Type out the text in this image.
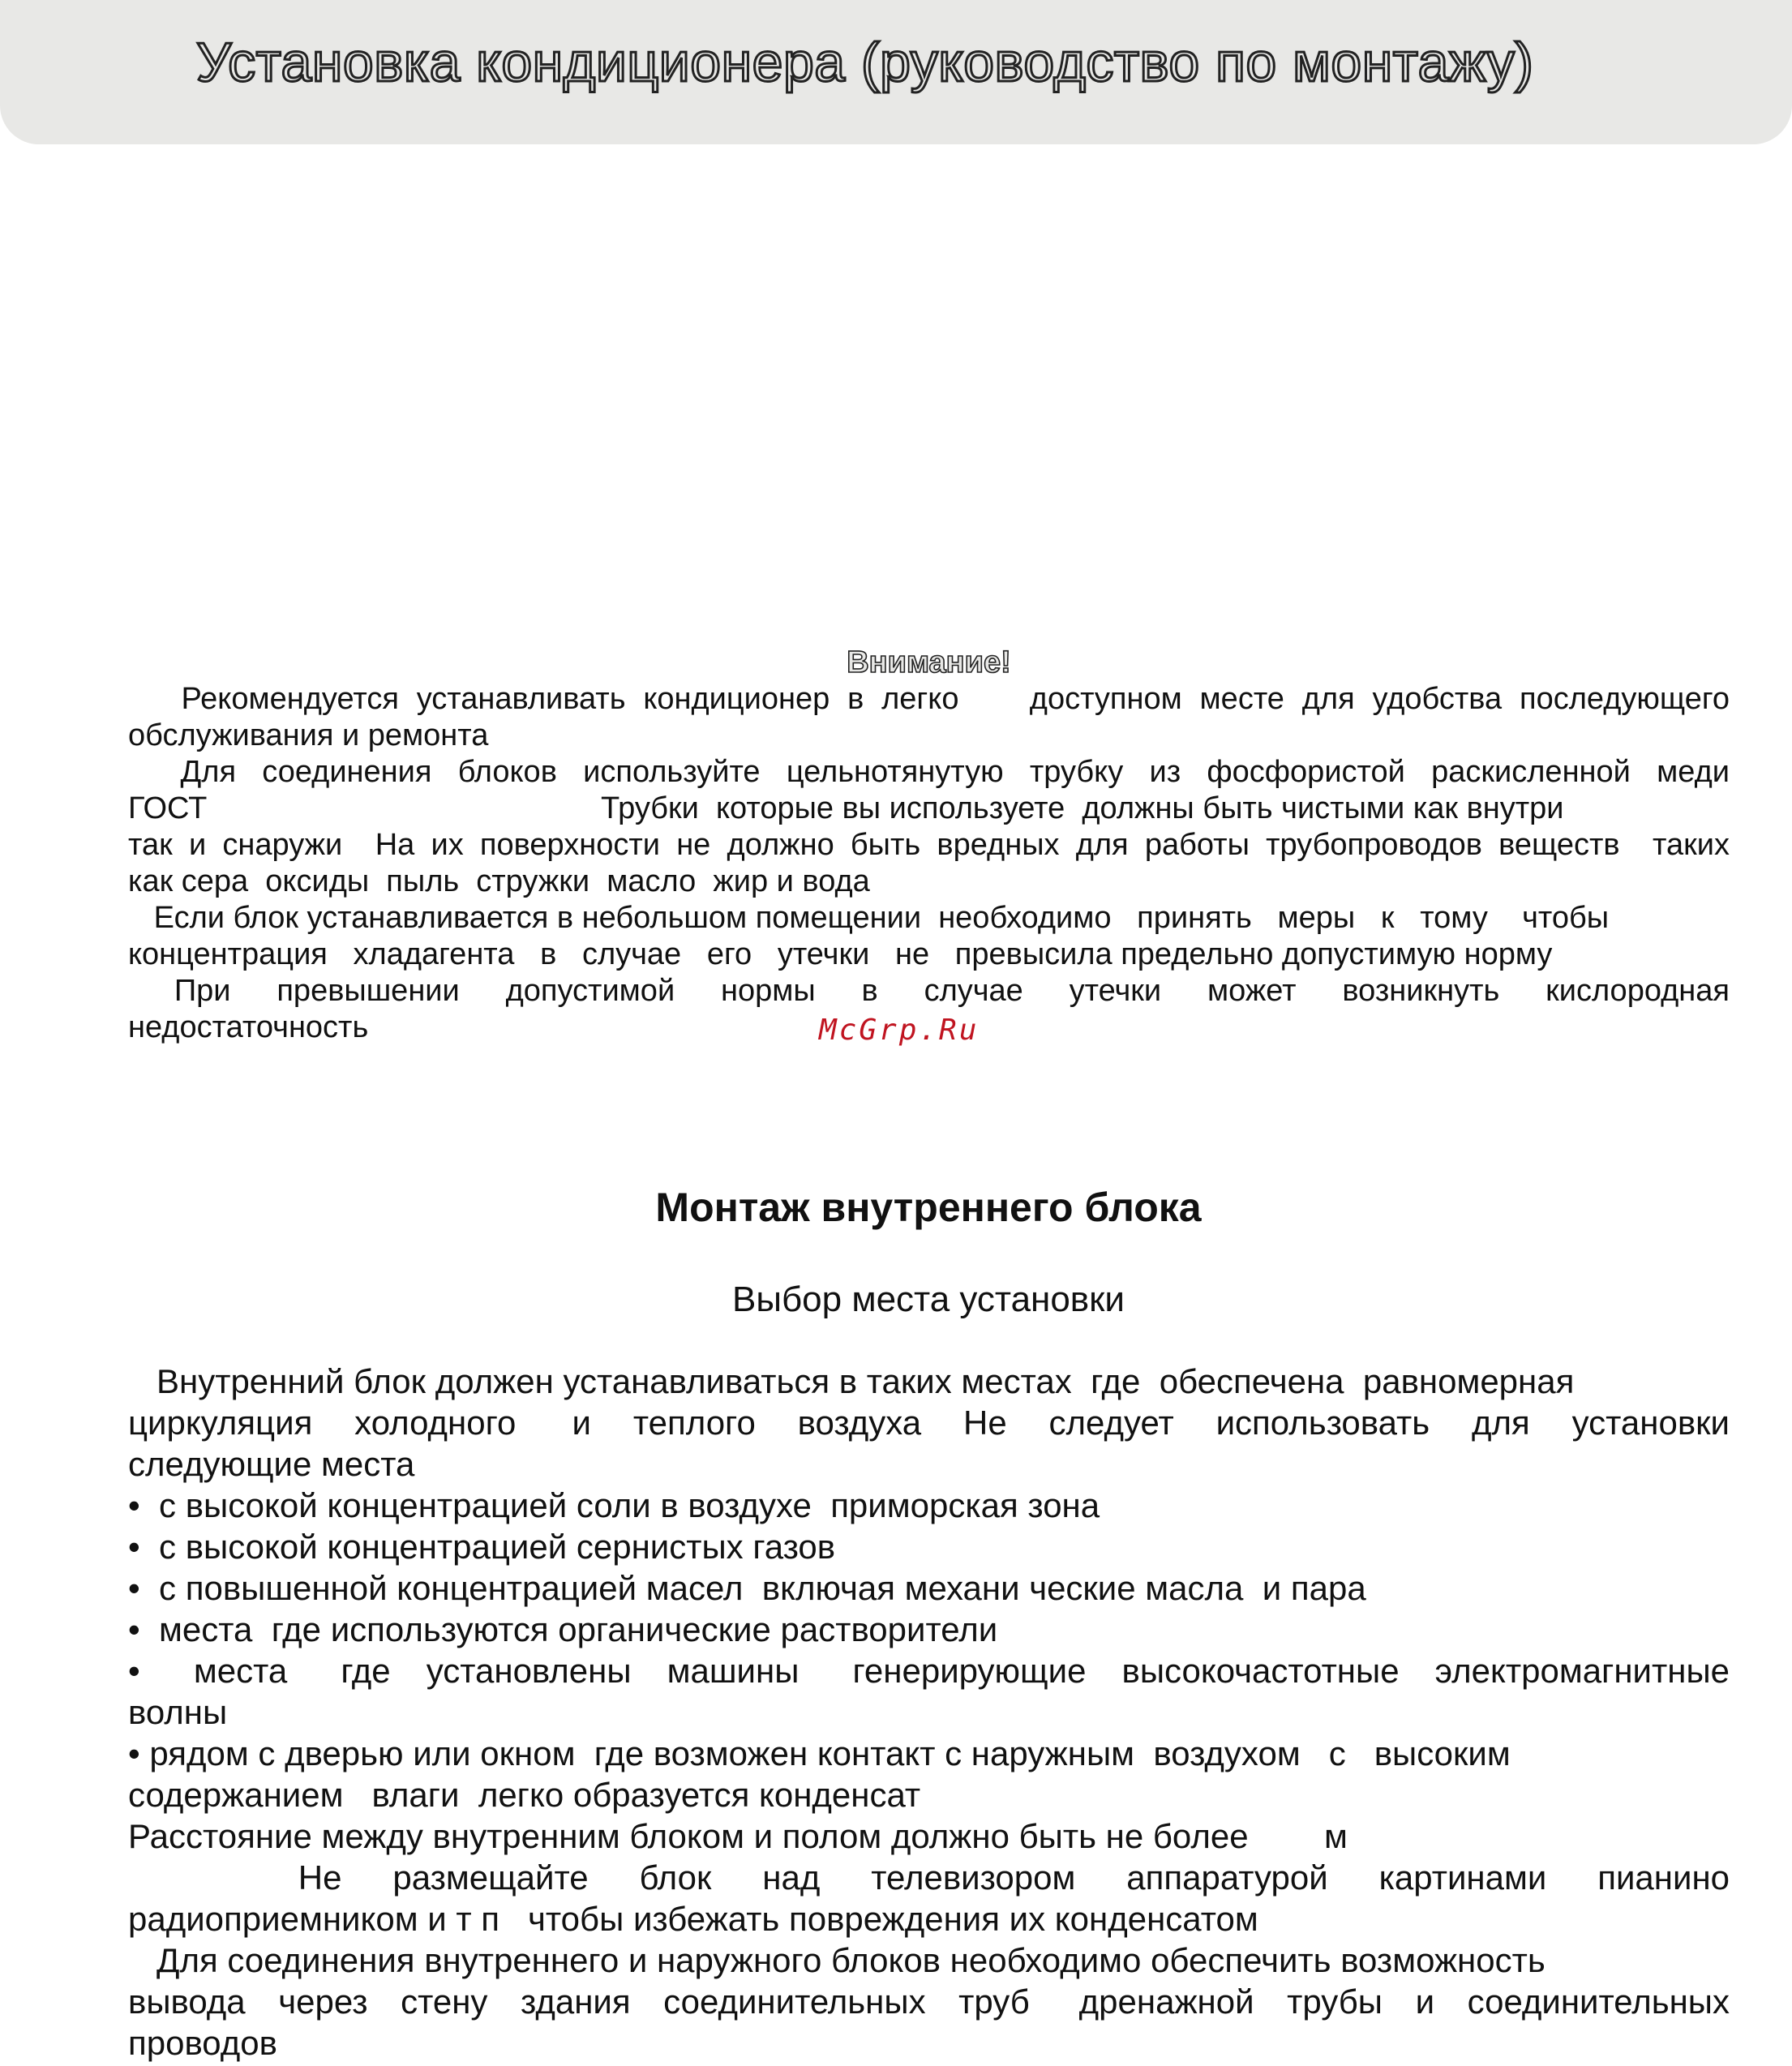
Установка кондиционера (руководство по монтажу)
Внимание!

Рекомендуется устанавливать кондиционер в легко    доступном месте для удобства последующего
обслуживания и ремонта
Для  соединения  блоков  используйте  цельнотянутую  трубку  из  фосфористой  раскисленной  меди
ГОСТ                                              Трубки  которые вы используете  должны быть чистыми как внутри
так и снаружи  На их поверхности не должно быть вредных для работы трубопроводов веществ  таких
как сера  оксиды  пыль  стружки  масло  жир и вода
Если блок устанавливается в небольшом помещении  необходимо   принять   меры   к   тому    чтобы
концентрация   хладагента   в   случае   его   утечки   не   превысила предельно допустимую норму
При    превышении    допустимой    нормы    в    случае    утечки    может    возникнуть    кислородная
недостаточность	McGrp.Ru
Монтаж внутреннего блока
Выбор места установки
Внутренний блок должен устанавливаться в таких местах  где  обеспечена  равномерная
циркуляция   холодного    и   теплого   воздуха   Не   следует   использовать   для   установки
следующие места
•  с высокой концентрацией соли в воздухе  приморская зона
•  с высокой концентрацией сернистых газов
•  с повышенной концентрацией масел  включая механи ческие масла  и пара
•  места  где используются органические растворители
•   места   где  установлены  машины   генерирующие  высокочастотные  электромагнитные
волны
• рядом с дверью или окном  где возможен контакт с наружным  воздухом   с   высоким
содержанием   влаги  легко образуется конденсат
Расстояние между внутренним блоком и полом должно быть не более        м
Не   размещайте   блок   над   телевизором   аппаратурой   картинами   пианино
радиоприемником и т п   чтобы избежать повреждения их конденсатом
Для соединения внутреннего и наружного блоков необходимо обеспечить возможность
вывода  через  стену  здания  соединительных  труб   дренажной  трубы  и  соединительных
проводов
